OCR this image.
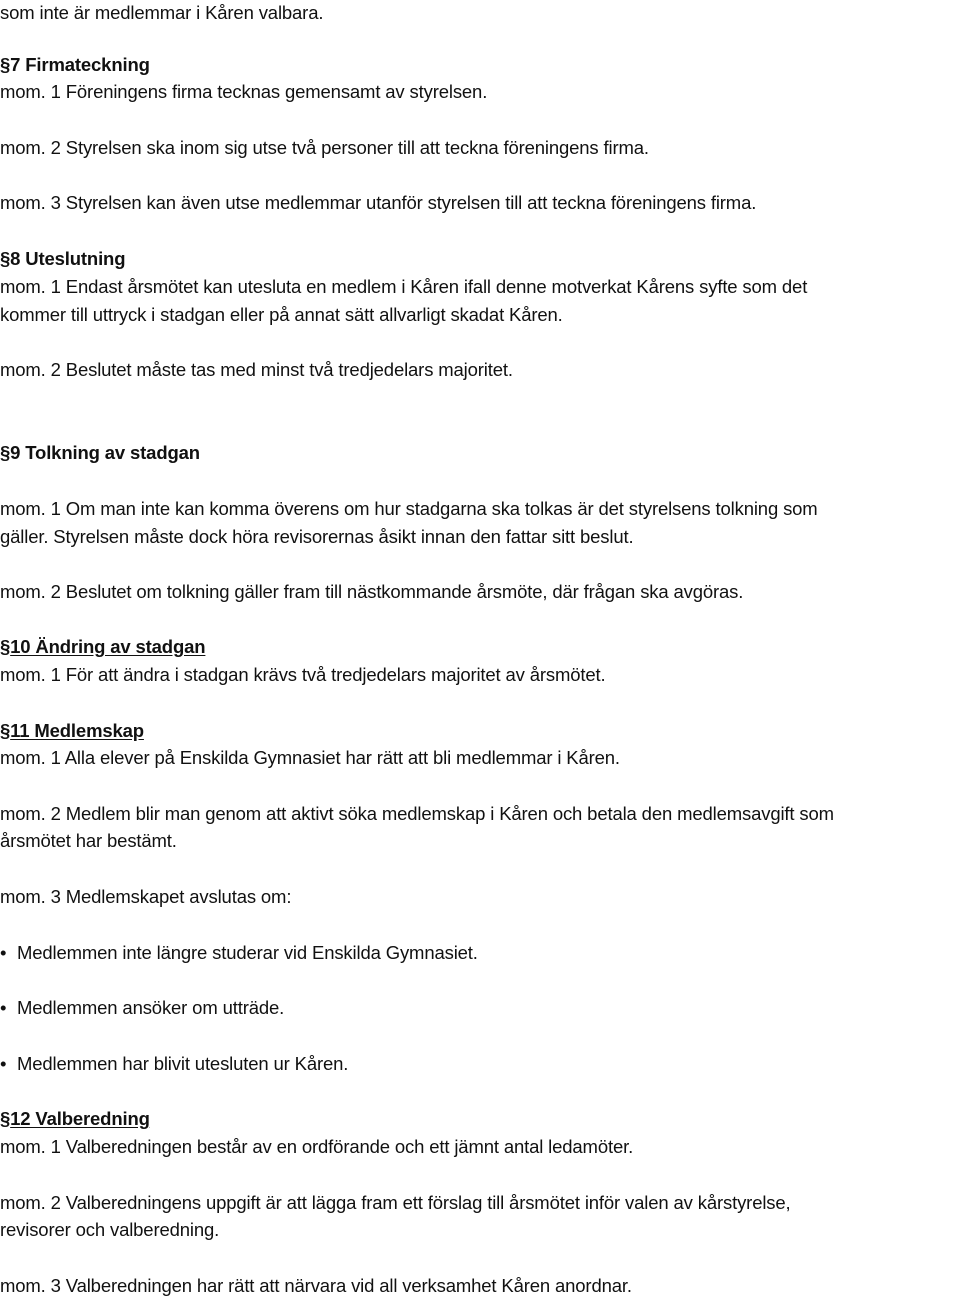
som inte är medlemmar i Kåren valbara.

§7 Firmateckning

mom. 1 Föreningens firma tecknas gemensamt av styrelsen.

mom. 2 Styrelsen ska inom sig utse två personer till att teckna föreningens firma.

mom. 3 Styrelsen kan även utse medlemmar utanför styrelsen till att teckna föreningens firma.

§8 Uteslutning

mom. 1 Endast årsmötet kan utesluta en medlem i Kåren ifall denne motverkat Kårens syfte som det

kommer till uttryck i stadgan eller på annat sätt allvarligt skadat Kåren.

mom. 2 Beslutet måste tas med minst två tredjedelars majoritet.

§9 Tolkning av stadgan

mom. 1 Om man inte kan komma överens om hur stadgarna ska tolkas är det styrelsens tolkning som

gäller. Styrelsen måste dock höra revisorernas åsikt innan den fattar sitt beslut.

mom. 2 Beslutet om tolkning gäller fram till nästkommande årsmöte, där frågan ska avgöras.

§10 Ändring av stadgan

mom. 1 För att ändra i stadgan krävs två tredjedelars majoritet av årsmötet.

§11 Medlemskap

mom. 1 Alla elever på Enskilda Gymnasiet har rätt att bli medlemmar i Kåren.

mom. 2 Medlem blir man genom att aktivt söka medlemskap i Kåren och betala den medlemsavgift som

årsmötet har bestämt.

mom. 3 Medlemskapet avslutas om:

• Medlemmen inte längre studerar vid Enskilda Gymnasiet.
• Medlemmen ansöker om utträde.
• Medlemmen har blivit utesluten ur Kåren.

§12 Valberedning

mom. 1 Valberedningen består av en ordförande och ett jämnt antal ledamöter.

mom. 2 Valberedningens uppgift är att lägga fram ett förslag till årsmötet inför valen av kårstyrelse,

revisorer och valberedning.

mom. 3 Valberedningen har rätt att närvara vid all verksamhet Kåren anordnar.
